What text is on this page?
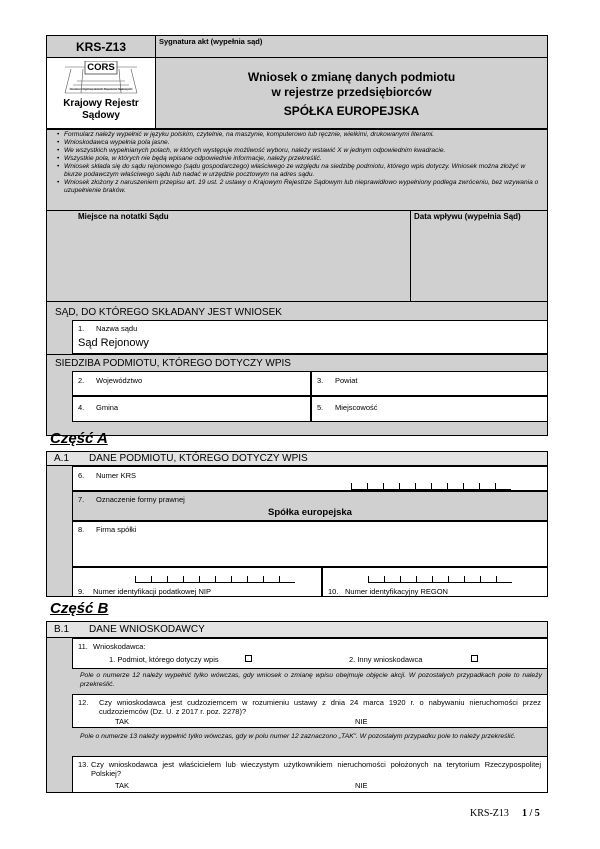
KRS-Z13	Sygnatura akt (wypełnia sąd)
CORS
Centrum Ogólnopolskich Rejestrów Sądowych
Krajowy Rejestr Sądowy
Wniosek o zmianę danych podmiotu
w rejestrze przedsiębiorców
SPÓŁKA EUROPEJSKA
• Formularz należy wypełnić w języku polskim, czytelnie, na maszynie, komputerowo lub ręcznie, wielkimi, drukowanymi literami.
• Wnioskodawca wypełnia pola jasne.
• We wszystkich wypełnianych polach, w których występuje możliwość wyboru, należy wstawić X w jednym odpowiednim kwadracie.
• Wszystkie pola, w których nie będą wpisane odpowiednie informacje, należy przekreślić.
• Wniosek składa się do sądu rejonowego (sądu gospodarczego) właściwego ze względu na siedzibę podmiotu, którego wpis dotyczy. Wniosek można złożyć w biurze podawczym właściwego sądu lub nadać w urzędzie pocztowym na adres sądu.
• Wniosek złożony z naruszeniem przepisu art. 19 ust. 2 ustawy o Krajowym Rejestrze Sądowym lub nieprawidłowo wypełniony podlega zwróceniu, bez wzywania o uzupełnienie braków.
Miejsce na notatki Sądu	Data wpływu (wypełnia Sąd)
SĄD, DO KTÓREGO SKŁADANY JEST WNIOSEK
1. Nazwa sądu
Sąd Rejonowy
SIEDZIBA PODMIOTU, KTÓREGO DOTYCZY WPIS
2. Województwo	3. Powiat
4. Gmina	5. Miejscowość
Część A
A.1 DANE PODMIOTU, KTÓREGO DOTYCZY WPIS
6. Numer KRS
7. Oznaczenie formy prawnej
Spółka europejska
8. Firma spółki
9. Numer identyfikacji podatkowej NIP	10. Numer identyfikacyjny REGON
Część B
B.1 DANE WNIOSKODAWCY
11. Wnioskodawca:
1. Podmiot, którego dotyczy wpis	2. Inny wnioskodawca
Pole o numerze 12 należy wypełnić tylko wówczas, gdy wniosek o zmianę wpisu obejmuje objęcie akcji. W pozostałych przypadkach pole to należy przekreślić.
12. Czy wnioskodawca jest cudzoziemcem w rozumieniu ustawy z dnia 24 marca 1920 r. o nabywaniu nieruchomości przez cudzoziemców (Dz. U. z 2017 r. poz. 2278)?
TAK	NIE
Pole o numerze 13 należy wypełnić tylko wówczas, gdy w polu numer 12 zaznaczono „TAK”. W pozostałym przypadku pole to należy przekreślić.
13. Czy wnioskodawca jest właścicielem lub wieczystym użytkownikiem nieruchomości położonych na terytorium Rzeczypospolitej Polskiej?
TAK	NIE
KRS-Z13 1 / 5
